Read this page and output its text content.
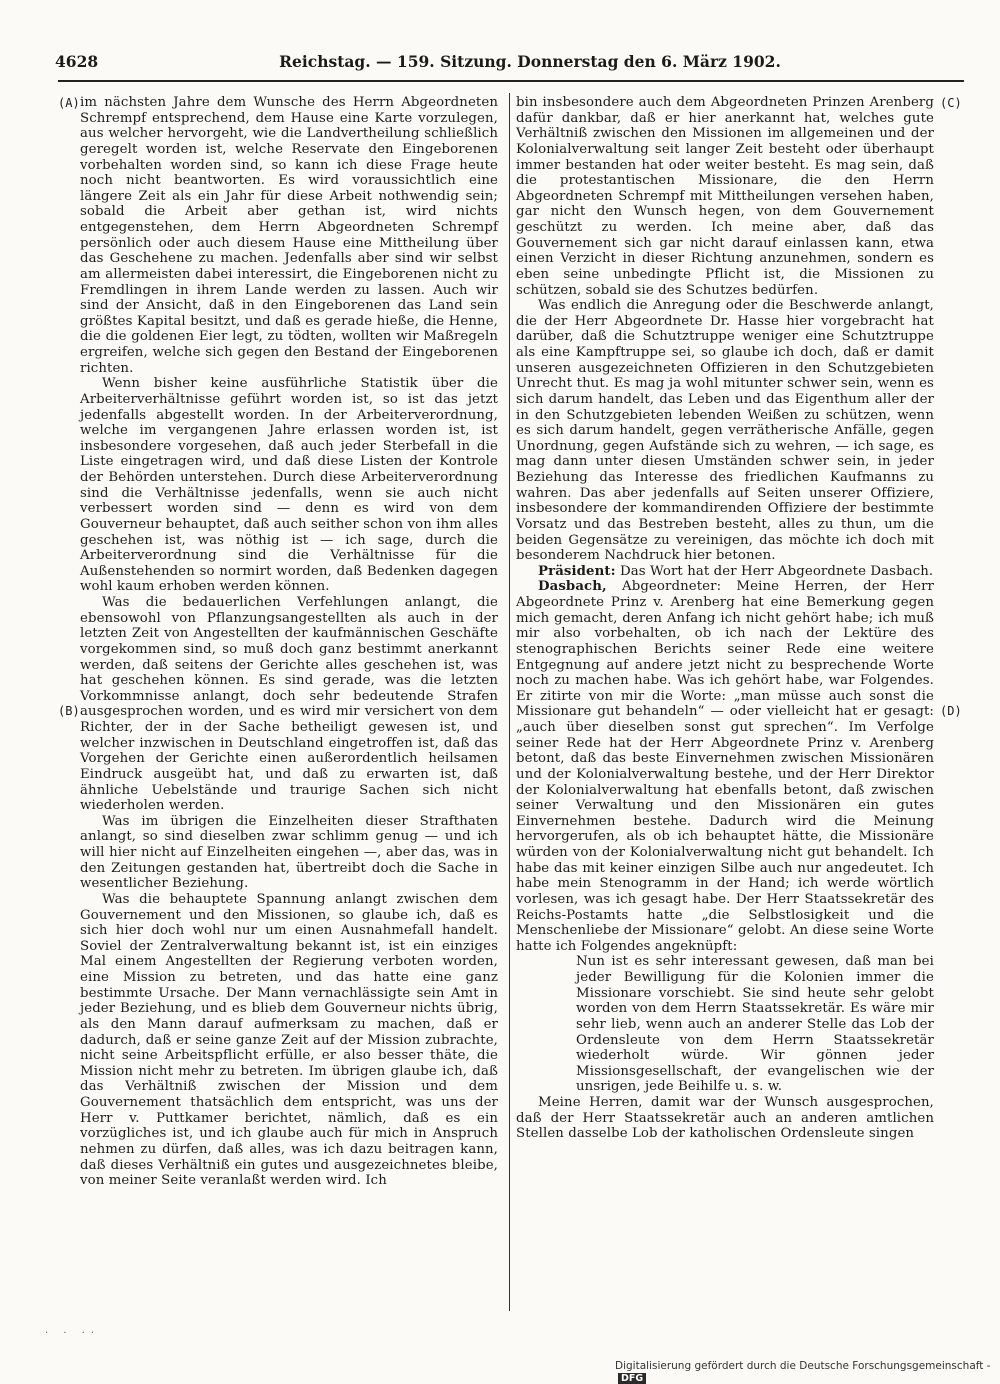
4628	Reichstag. — 159. Sitzung. Donnerstag den 6. März 1902.
(A)
(B)
(C)
(D)

im nächsten Jahre dem Wunsche des Herrn Abgeordneten Schrempf entsprechend, dem Hause eine Karte vorzulegen, aus welcher hervorgeht, wie die Landvertheilung schließlich geregelt worden ist, welche Reservate den Eingeborenen vorbehalten worden sind, so kann ich diese Frage heute noch nicht beantworten. Es wird voraussichtlich eine längere Zeit als ein Jahr für diese Arbeit nothwendig sein; sobald die Arbeit aber gethan ist, wird nichts entgegenstehen, dem Herrn Abgeordneten Schrempf persönlich oder auch diesem Hause eine Mittheilung über das Geschehene zu machen. Jedenfalls aber sind wir selbst am allermeisten dabei interessirt, die Eingeborenen nicht zu Fremdlingen in ihrem Lande werden zu lassen. Auch wir sind der Ansicht, daß in den Eingeborenen das Land sein größtes Kapital besitzt, und daß es gerade hieße, die Henne, die die goldenen Eier legt, zu tödten, wollten wir Maßregeln ergreifen, welche sich gegen den Bestand der Eingeborenen richten.

Wenn bisher keine ausführliche Statistik über die Arbeiterverhältnisse geführt worden ist, so ist das jetzt jedenfalls abgestellt worden. In der Arbeiterverordnung, welche im vergangenen Jahre erlassen worden ist, ist insbesondere vorgesehen, daß auch jeder Sterbefall in die Liste eingetragen wird, und daß diese Listen der Kontrole der Behörden unterstehen. Durch diese Arbeiterverordnung sind die Verhältnisse jedenfalls, wenn sie auch nicht verbessert worden sind — denn es wird von dem Gouverneur behauptet, daß auch seither schon von ihm alles geschehen ist, was nöthig ist — ich sage, durch die Arbeiterverordnung sind die Verhältnisse für die Außenstehenden so normirt worden, daß Bedenken dagegen wohl kaum erhoben werden können.

Was die bedauerlichen Verfehlungen anlangt, die ebensowohl von Pflanzungsangestellten als auch in der letzten Zeit von Angestellten der kaufmännischen Geschäfte vorgekommen sind, so muß doch ganz bestimmt anerkannt werden, daß seitens der Gerichte alles geschehen ist, was hat geschehen können. Es sind gerade, was die letzten Vorkommnisse anlangt, doch sehr bedeutende Strafen ausgesprochen worden, und es wird mir versichert von dem Richter, der in der Sache betheiligt gewesen ist, und welcher inzwischen in Deutschland eingetroffen ist, daß das Vorgehen der Gerichte einen außerordentlich heilsamen Eindruck ausgeübt hat, und daß zu erwarten ist, daß ähnliche Uebelstände und traurige Sachen sich nicht wiederholen werden.

Was im übrigen die Einzelheiten dieser Strafthaten anlangt, so sind dieselben zwar schlimm genug — und ich will hier nicht auf Einzelheiten eingehen —, aber das, was in den Zeitungen gestanden hat, übertreibt doch die Sache in wesentlicher Beziehung.

Was die behauptete Spannung anlangt zwischen dem Gouvernement und den Missionen, so glaube ich, daß es sich hier doch wohl nur um einen Ausnahmefall handelt. Soviel der Zentralverwaltung bekannt ist, ist ein einziges Mal einem Angestellten der Regierung verboten worden, eine Mission zu betreten, und das hatte eine ganz bestimmte Ursache. Der Mann vernachlässigte sein Amt in jeder Beziehung, und es blieb dem Gouverneur nichts übrig, als den Mann darauf aufmerksam zu machen, daß er dadurch, daß er seine ganze Zeit auf der Mission zubrachte, nicht seine Arbeitspflicht erfülle, er also besser thäte, die Mission nicht mehr zu betreten. Im übrigen glaube ich, daß das Verhältniß zwischen der Mission und dem Gouvernement thatsächlich dem entspricht, was uns der Herr v. Puttkamer berichtet, nämlich, daß es ein vorzügliches ist, und ich glaube auch für mich in Anspruch nehmen zu dürfen, daß alles, was ich dazu beitragen kann, daß dieses Verhältniß ein gutes und ausgezeichnetes bleibe, von meiner Seite veranlaßt werden wird. Ich

bin insbesondere auch dem Abgeordneten Prinzen Arenberg dafür dankbar, daß er hier anerkannt hat, welches gute Verhältniß zwischen den Missionen im allgemeinen und der Kolonialverwaltung seit langer Zeit besteht oder überhaupt immer bestanden hat oder weiter besteht. Es mag sein, daß die protestantischen Missionare, die den Herrn Abgeordneten Schrempf mit Mittheilungen versehen haben, gar nicht den Wunsch hegen, von dem Gouvernement geschützt zu werden. Ich meine aber, daß das Gouvernement sich gar nicht darauf einlassen kann, etwa einen Verzicht in dieser Richtung anzunehmen, sondern es eben seine unbedingte Pflicht ist, die Missionen zu schützen, sobald sie des Schutzes bedürfen.

Was endlich die Anregung oder die Beschwerde anlangt, die der Herr Abgeordnete Dr. Hasse hier vorgebracht hat darüber, daß die Schutztruppe weniger eine Schutztruppe als eine Kampftruppe sei, so glaube ich doch, daß er damit unseren ausgezeichneten Offizieren in den Schutzgebieten Unrecht thut. Es mag ja wohl mitunter schwer sein, wenn es sich darum handelt, das Leben und das Eigenthum aller der in den Schutzgebieten lebenden Weißen zu schützen, wenn es sich darum handelt, gegen verrätherische Anfälle, gegen Unordnung, gegen Aufstände sich zu wehren, — ich sage, es mag dann unter diesen Umständen schwer sein, in jeder Beziehung das Interesse des friedlichen Kaufmanns zu wahren. Das aber jedenfalls auf Seiten unserer Offiziere, insbesondere der kommandirenden Offiziere der bestimmte Vorsatz und das Bestreben besteht, alles zu thun, um die beiden Gegensätze zu vereinigen, das möchte ich doch mit besonderem Nachdruck hier betonen.

Präsident: Das Wort hat der Herr Abgeordnete Dasbach.

Dasbach, Abgeordneter: Meine Herren, der Herr Abgeordnete Prinz v. Arenberg hat eine Bemerkung gegen mich gemacht, deren Anfang ich nicht gehört habe; ich muß mir also vorbehalten, ob ich nach der Lektüre des stenographischen Berichts seiner Rede eine weitere Entgegnung auf andere jetzt nicht zu besprechende Worte noch zu machen habe. Was ich gehört habe, war Folgendes. Er zitirte von mir die Worte: „man müsse auch sonst die Missionare gut behandeln“ — oder vielleicht hat er gesagt: „auch über dieselben sonst gut sprechen“. Im Verfolge seiner Rede hat der Herr Abgeordnete Prinz v. Arenberg betont, daß das beste Einvernehmen zwischen Missionären und der Kolonialverwaltung bestehe, und der Herr Direktor der Kolonialverwaltung hat ebenfalls betont, daß zwischen seiner Verwaltung und den Missionären ein gutes Einvernehmen bestehe. Dadurch wird die Meinung hervorgerufen, als ob ich behauptet hätte, die Missionäre würden von der Kolonialverwaltung nicht gut behandelt. Ich habe das mit keiner einzigen Silbe auch nur angedeutet. Ich habe mein Stenogramm in der Hand; ich werde wörtlich vorlesen, was ich gesagt habe. Der Herr Staatssekretär des Reichs-Postamts hatte „die Selbstlosigkeit und die Menschenliebe der Missionare“ gelobt. An diese seine Worte hatte ich Folgendes angeknüpft:

Nun ist es sehr interessant gewesen, daß man bei jeder Bewilligung für die Kolonien immer die Missionare vorschiebt. Sie sind heute sehr gelobt worden von dem Herrn Staatssekretär. Es wäre mir sehr lieb, wenn auch an anderer Stelle das Lob der Ordensleute von dem Herrn Staatssekretär wiederholt würde. Wir gönnen jeder Missionsgesellschaft, der evangelischen wie der unsrigen, jede Beihilfe u. s. w.

Meine Herren, damit war der Wunsch ausgesprochen, daß der Herr Staatssekretär auch an anderen amtlichen Stellen dasselbe Lob der katholischen Ordensleute singen

· · ··
Digitalisierung gefördert durch die Deutsche Forschungsgemeinschaft -DFG
